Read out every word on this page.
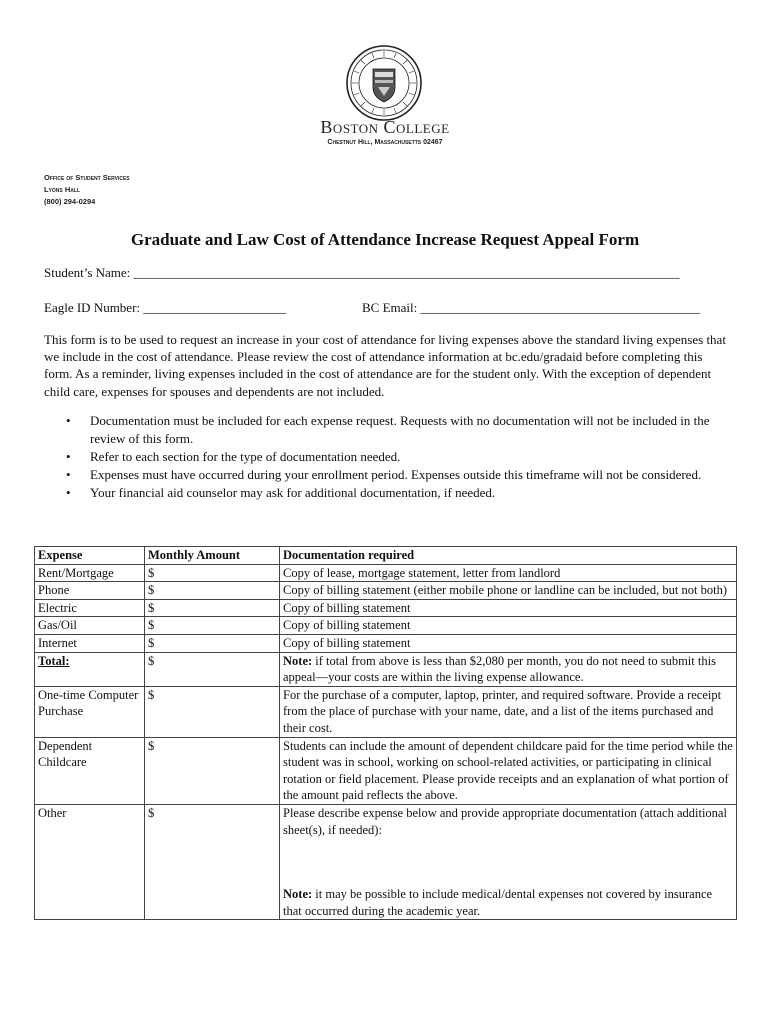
Boston College
Chestnut Hill, Massachusetts 02467
Office of Student Services
Lyons Hall
(800) 294-0294
Graduate and Law Cost of Attendance Increase Request Appeal Form
Student’s Name: ____________________________________________________________________________________
Eagle ID Number: ______________________	BC Email: ___________________________________________
This form is to be used to request an increase in your cost of attendance for living expenses above the standard living expenses that we include in the cost of attendance. Please review the cost of attendance information at bc.edu/gradaid before completing this form. As a reminder, living expenses included in the cost of attendance are for the student only. With the exception of dependent child care, expenses for spouses and dependents are not included.
• Documentation must be included for each expense request. Requests with no documentation will not be included in the review of this form.
• Refer to each section for the type of documentation needed.
• Expenses must have occurred during your enrollment period. Expenses outside this timeframe will not be considered.
• Your financial aid counselor may ask for additional documentation, if needed.
Expense	Monthly Amount	Documentation required
Rent/Mortgage	$	Copy of lease, mortgage statement, letter from landlord
Phone	$	Copy of billing statement (either mobile phone or landline can be included, but not both)
Electric	$	Copy of billing statement
Gas/Oil	$	Copy of billing statement
Internet	$	Copy of billing statement
Total:	$	Note: if total from above is less than $2,080 per month, you do not need to submit this appeal—your costs are within the living expense allowance.
One-time Computer Purchase	$	For the purchase of a computer, laptop, printer, and required software. Provide a receipt from the place of purchase with your name, date, and a list of the items purchased and their cost.
Dependent Childcare	$	Students can include the amount of dependent childcare paid for the time period while the student was in school, working on school-related activities, or participating in clinical rotation or field placement. Please provide receipts and an explanation of what portion of the amount paid reflects the above.
Other	$	Please describe expense below and provide appropriate documentation (attach additional sheet(s), if needed):
Note: it may be possible to include medical/dental expenses not covered by insurance that occurred during the academic year.
